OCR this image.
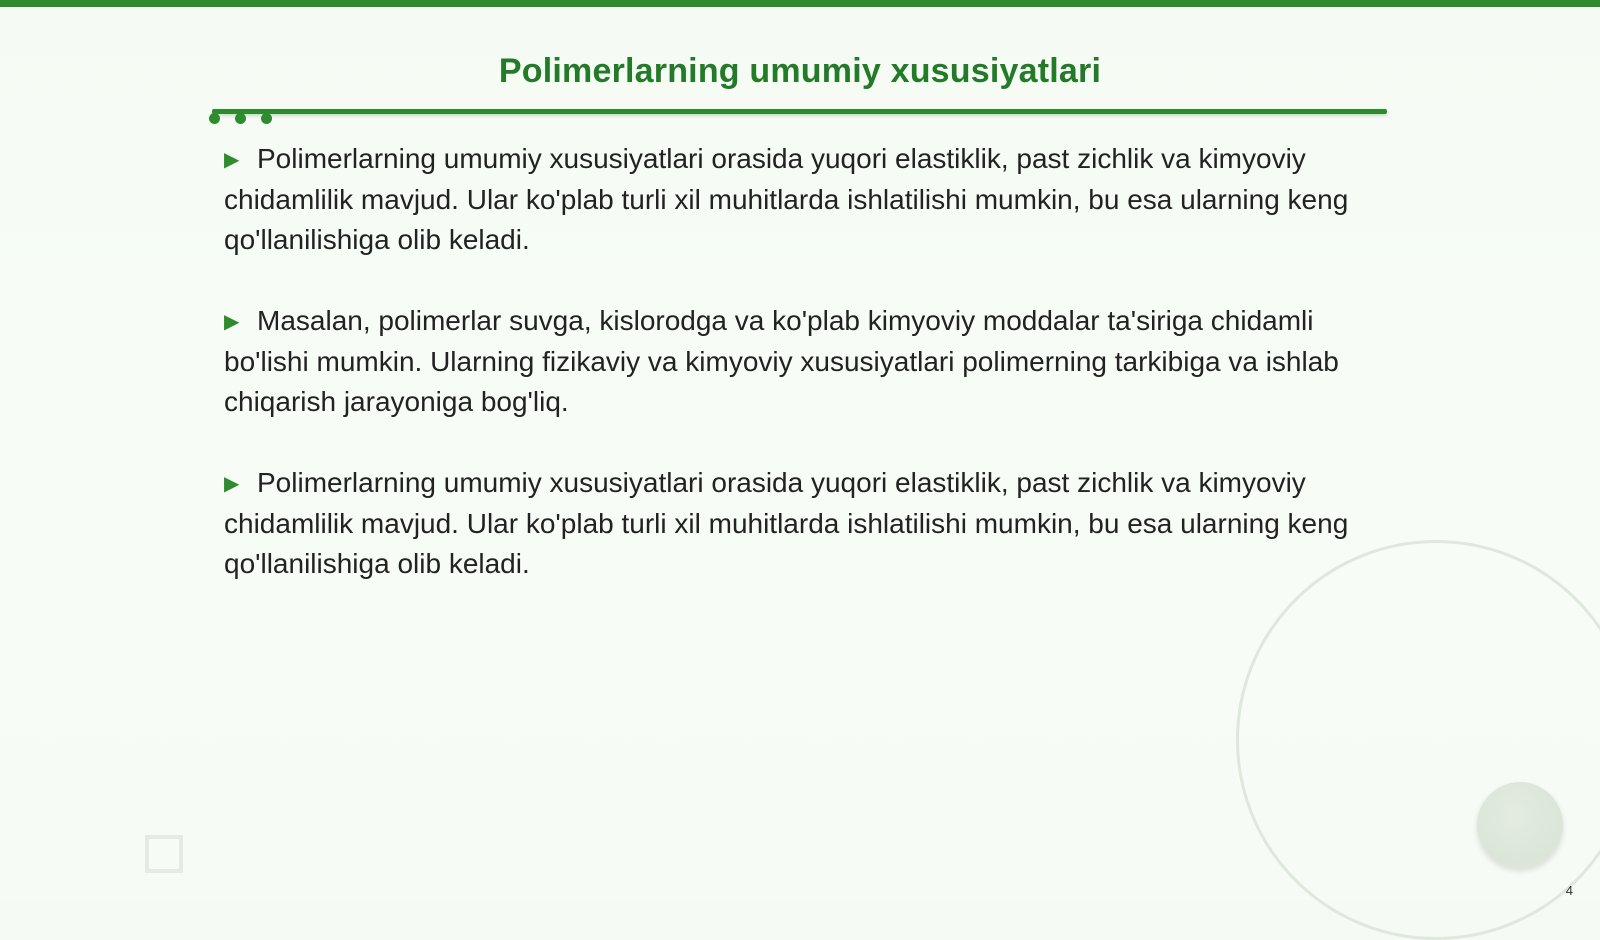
Polimerlarning umumiy xususiyatlari

▶ Polimerlarning umumiy xususiyatlari orasida yuqori elastiklik, past zichlik va kimyoviy chidamlilik mavjud. Ular ko'plab turli xil muhitlarda ishlatilishi mumkin, bu esa ularning keng qo'llanilishiga olib keladi.

▶ Masalan, polimerlar suvga, kislorodga va ko'plab kimyoviy moddalar ta'siriga chidamli bo'lishi mumkin. Ularning fizikaviy va kimyoviy xususiyatlari polimerning tarkibiga va ishlab chiqarish jarayoniga bog'liq.

▶ Polimerlarning umumiy xususiyatlari orasida yuqori elastiklik, past zichlik va kimyoviy chidamlilik mavjud. Ular ko'plab turli xil muhitlarda ishlatilishi mumkin, bu esa ularning keng qo'llanilishiga olib keladi.

4
